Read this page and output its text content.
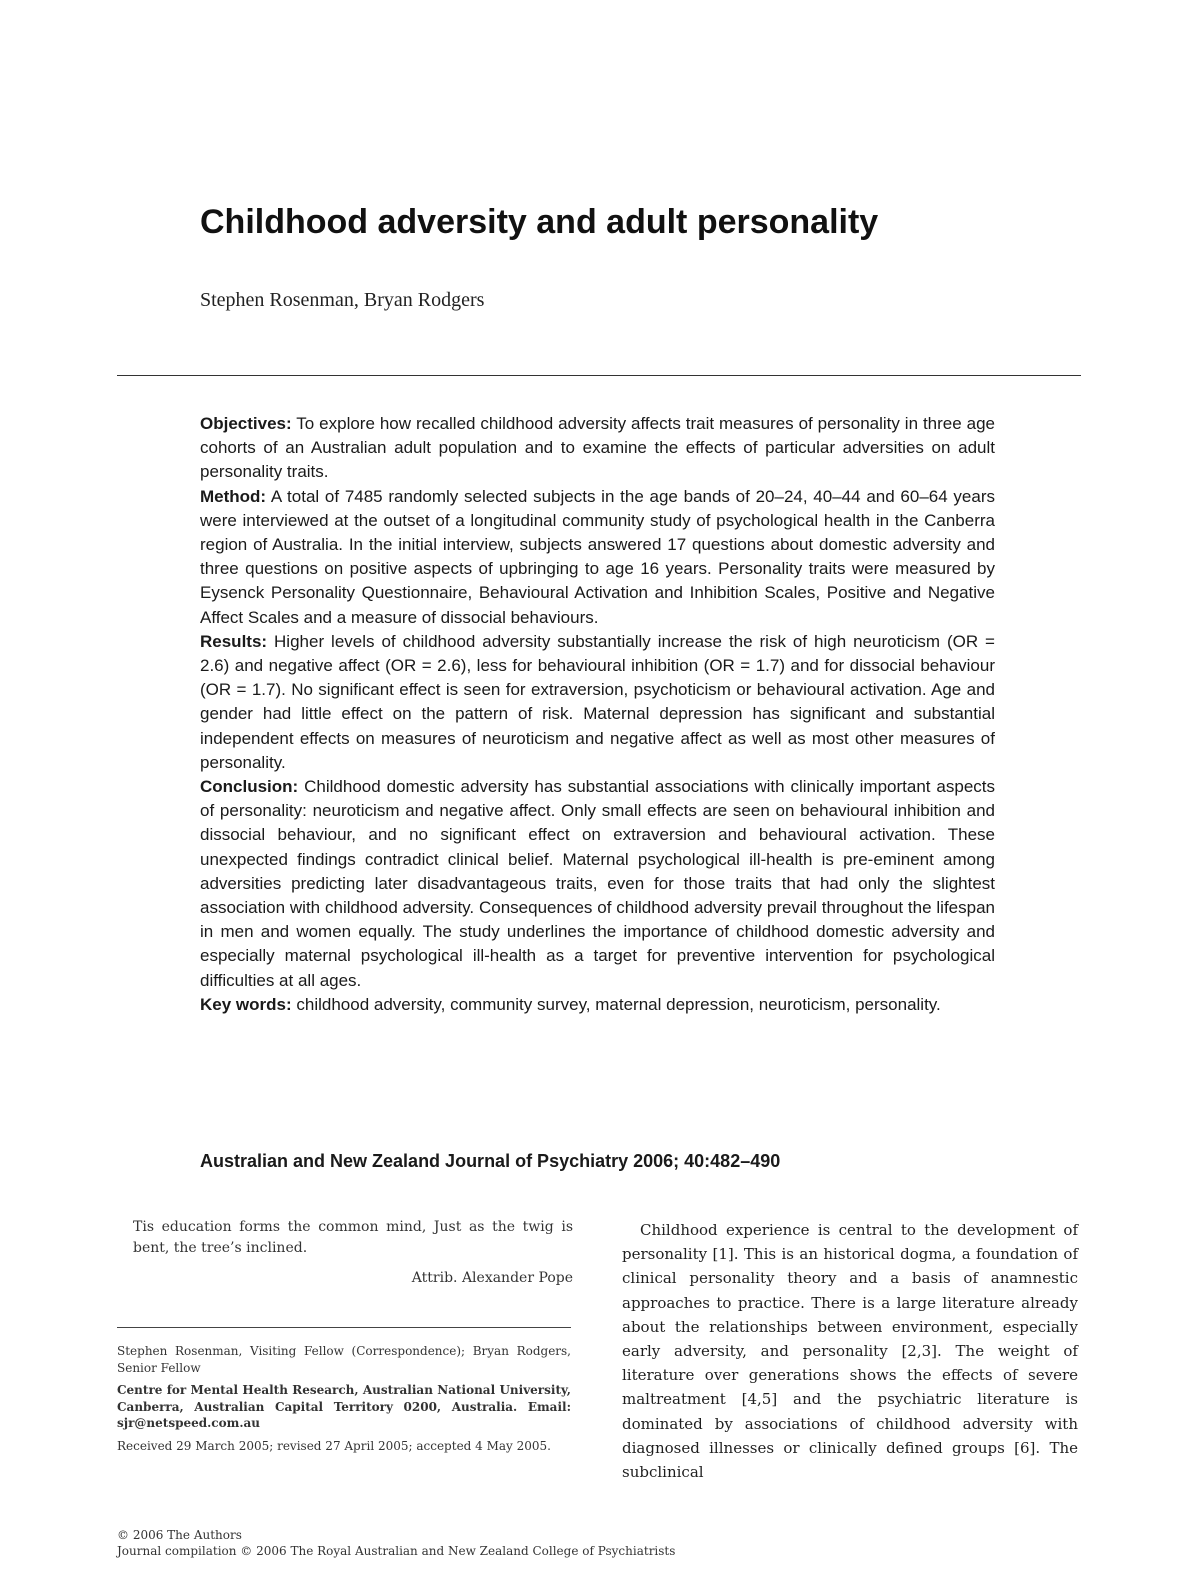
Childhood adversity and adult personality
Stephen Rosenman, Bryan Rodgers

Objectives: To explore how recalled childhood adversity affects trait measures of personality in three age cohorts of an Australian adult population and to examine the effects of particular adversities on adult personality traits.

Method: A total of 7485 randomly selected subjects in the age bands of 20–24, 40–44 and 60–64 years were interviewed at the outset of a longitudinal community study of psychological health in the Canberra region of Australia. In the initial interview, subjects answered 17 questions about domestic adversity and three questions on positive aspects of upbringing to age 16 years. Personality traits were measured by Eysenck Personality Questionnaire, Behavioural Activation and Inhibition Scales, Positive and Negative Affect Scales and a measure of dissocial behaviours.

Results: Higher levels of childhood adversity substantially increase the risk of high neuroticism (OR = 2.6) and negative affect (OR = 2.6), less for behavioural inhibition (OR = 1.7) and for dissocial behaviour (OR = 1.7). No significant effect is seen for extraversion, psychoticism or behavioural activation. Age and gender had little effect on the pattern of risk. Maternal depression has significant and substantial independent effects on measures of neuroticism and negative affect as well as most other measures of personality.

Conclusion: Childhood domestic adversity has substantial associations with clinically important aspects of personality: neuroticism and negative affect. Only small effects are seen on behavioural inhibition and dissocial behaviour, and no significant effect on extraversion and behavioural activation. These unexpected findings contradict clinical belief. Maternal psychological ill-health is pre-eminent among adversities predicting later disadvantageous traits, even for those traits that had only the slightest association with childhood adversity. Consequences of childhood adversity prevail throughout the lifespan in men and women equally. The study underlines the importance of childhood domestic adversity and especially maternal psychological ill-health as a target for preventive intervention for psychological difficulties at all ages.

Key words: childhood adversity, community survey, maternal depression, neuroticism, personality.

Australian and New Zealand Journal of Psychiatry 2006; 40:482–490

Tis education forms the common mind, Just as the twig is bent, the tree’s inclined.

Attrib. Alexander Pope

Stephen Rosenman, Visiting Fellow (Correspondence); Bryan Rodgers, Senior Fellow

Centre for Mental Health Research, Australian National University, Canberra, Australian Capital Territory 0200, Australia. Email: sjr@netspeed.com.au

Received 29 March 2005; revised 27 April 2005; accepted 4 May 2005.

Childhood experience is central to the development of personality [1]. This is an historical dogma, a foundation of clinical personality theory and a basis of anamnestic approaches to practice. There is a large literature already about the relationships between environment, especially early adversity, and personality [2,3]. The weight of literature over generations shows the effects of severe maltreatment [4,5] and the psychiatric literature is dominated by associations of childhood adversity with diagnosed illnesses or clinically defined groups [6]. The subclinical

© 2006 The Authors
Journal compilation © 2006 The Royal Australian and New Zealand College of Psychiatrists
